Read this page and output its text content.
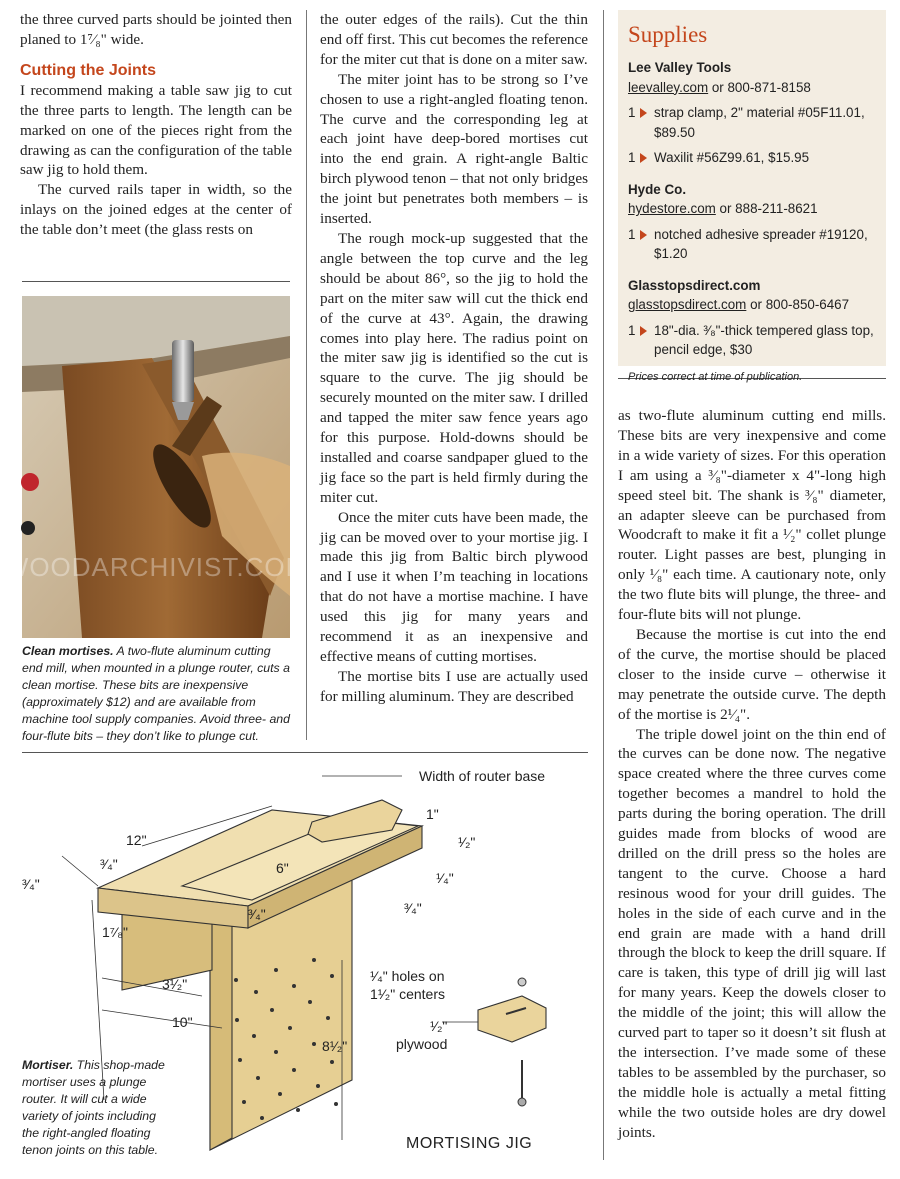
the three curved parts should be jointed then planed to 1⁷⁄₈" wide.

Cutting the Joints

I recommend making a table saw jig to cut the three parts to length. The length can be marked on one of the pieces right from the drawing as can the configuration of the table saw jig to hold them.

The curved rails taper in width, so the inlays on the joined edges at the center of the table don’t meet (the glass rests on

the outer edges of the rails). Cut the thin end off first. This cut becomes the reference for the miter cut that is done on a miter saw.

The miter joint has to be strong so I’ve chosen to use a right-angled floating tenon. The curve and the corresponding leg at each joint have deep-bored mortises cut into the end grain. A right-angle Baltic birch plywood tenon – that not only bridges the joint but penetrates both members – is inserted.

The rough mock-up suggested that the angle between the top curve and the leg should be about 86°, so the jig to hold the part on the miter saw will cut the thick end of the curve at 43°. Again, the drawing comes into play here. The radius point on the miter saw jig is identified so the cut is square to the curve. The jig should be securely mounted on the miter saw. I drilled and tapped the miter saw fence years ago for this purpose. Hold-downs should be installed and coarse sandpaper glued to the jig face so the part is held firmly during the miter cut.

Once the miter cuts have been made, the jig can be moved over to your mortise jig. I made this jig from Baltic birch plywood and I use it when I’m teaching in locations that do not have a mortise machine. I have used this jig for many years and recommend it as an inexpensive and effective means of cutting mortises.

The mortise bits I use are actually used for milling aluminum. They are described

as two-flute aluminum cutting end mills. These bits are very inexpensive and come in a wide variety of sizes. For this operation I am using a ³⁄₈"-diameter x 4"-long high speed steel bit. The shank is ³⁄₈" diameter, an adapter sleeve can be purchased from Woodcraft to make it fit a ¹⁄₂" collet plunge router. Light passes are best, plunging in only ¹⁄₈" each time. A cautionary note, only the two flute bits will plunge, the three- and four-flute bits will not plunge.

Because the mortise is cut into the end of the curve, the mortise should be placed closer to the inside curve – otherwise it may penetrate the outside curve. The depth of the mortise is 2¹⁄₄".

The triple dowel joint on the thin end of the curves can be done now. The negative space created where the three curves come together becomes a mandrel to hold the parts during the boring operation. The drill guides made from blocks of wood are drilled on the drill press so the holes are tangent to the curve. Choose a hard resinous wood for your drill guides. The holes in the side of each curve and in the end grain are made with a hand drill through the block to keep the drill square. If care is taken, this type of drill jig will last for many years. Keep the dowels closer to the middle of the joint; this will allow the curved part to taper so it doesn’t sit flush at the intersection. I’ve made some of these tables to be assembled by the purchaser, so the middle hole is actually a metal fitting while the two outside holes are dry dowel joints.

WOODARCHIVIST.COM
Clean mortises. A two-flute aluminum cutting end mill, when mounted in a plunge router, cuts a clean mortise. These bits are inexpensive (approximately $12) and are available from machine tool supply companies. Avoid three- and four-flute bits – they don’t like to plunge cut.
Supplies
Lee Valley Tools
leevalley.com or 800-871-8158
1 strap clamp, 2" material #05F11.01, $89.50
1 Waxilit #56Z99.61, $15.95
Hyde Co.
hydestore.com or 888-211-8621
1 notched adhesive spreader #19120, $1.20
Glasstopsdirect.com
glasstopsdirect.com or 800-850-6467
1 18"-dia. ³⁄₈"-thick tempered glass top, pencil edge, $30
Prices correct at time of publication.
Width of router base
12"
1"
¹⁄₂"
³⁄₄"
³⁄₄"
6"
¹⁄₄"
³⁄₄"	³⁄₄"
1⁷⁄₈"
3¹⁄₂"
10"
8¹⁄₂"
¹⁄₄" holes on
1¹⁄₂" centers
¹⁄₂"
plywood
Mortiser. This shop-made mortiser uses a plunge router. It will cut a wide variety of joints including the right-angled floating tenon joints on this table.	MORTISING JIG
